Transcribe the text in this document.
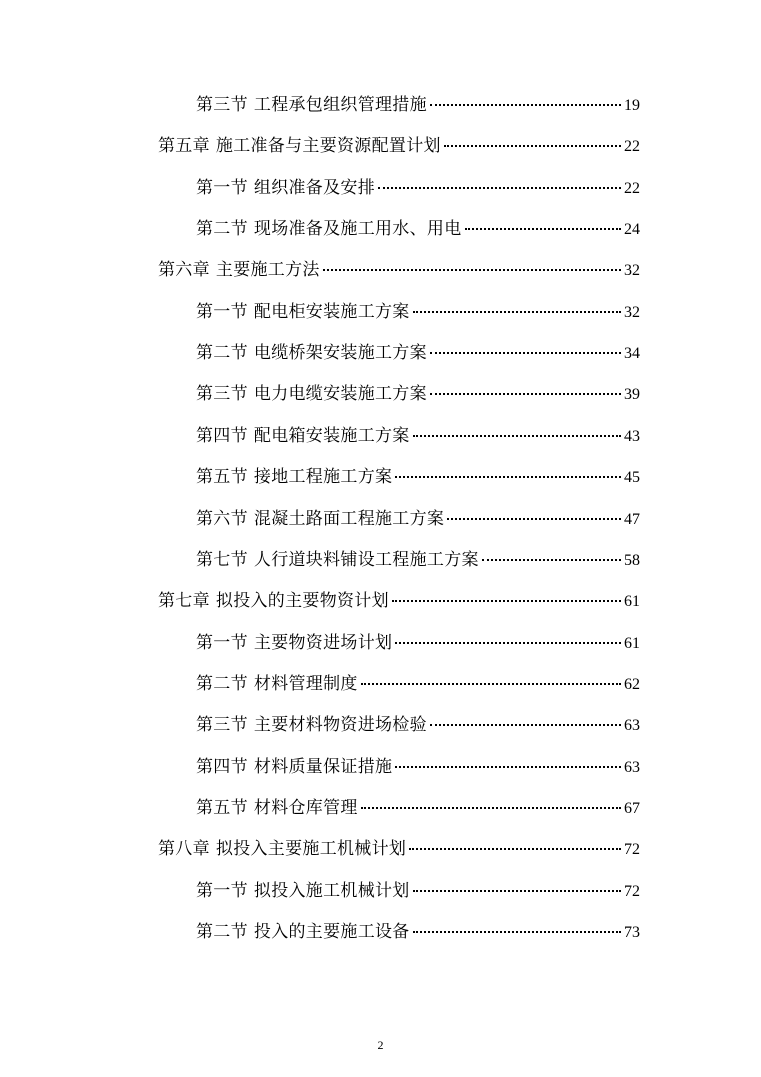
第三节 工程承包组织管理措施	19
第五章 施工准备与主要资源配置计划	22
第一节 组织准备及安排	22
第二节 现场准备及施工用水、用电	24
第六章 主要施工方法	32
第一节 配电柜安装施工方案	32
第二节 电缆桥架安装施工方案	34
第三节 电力电缆安装施工方案	39
第四节 配电箱安装施工方案	43
第五节 接地工程施工方案	45
第六节 混凝土路面工程施工方案	47
第七节 人行道块料铺设工程施工方案	58
第七章 拟投入的主要物资计划	61
第一节 主要物资进场计划	61
第二节 材料管理制度	62
第三节 主要材料物资进场检验	63
第四节 材料质量保证措施	63
第五节 材料仓库管理	67
第八章 拟投入主要施工机械计划	72
第一节 拟投入施工机械计划	72
第二节 投入的主要施工设备	73
2
